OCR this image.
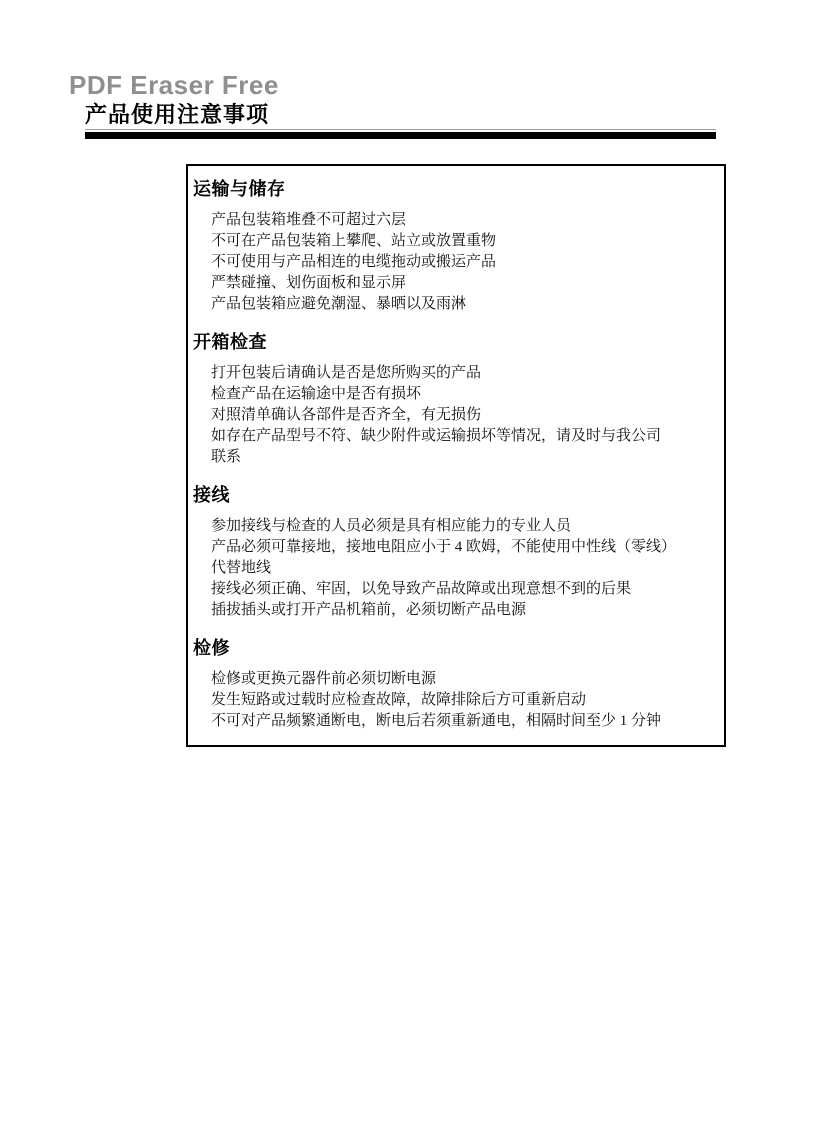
PDF Eraser Free
产品使用注意事项
运输与储存
产品包装箱堆叠不可超过六层
不可在产品包装箱上攀爬、站立或放置重物
不可使用与产品相连的电缆拖动或搬运产品
严禁碰撞、划伤面板和显示屏
产品包装箱应避免潮湿、暴晒以及雨淋
开箱检查
打开包装后请确认是否是您所购买的产品
检查产品在运输途中是否有损坏
对照清单确认各部件是否齐全，有无损伤
如存在产品型号不符、缺少附件或运输损坏等情况，请及时与我公司
联系
接线
参加接线与检查的人员必须是具有相应能力的专业人员
产品必须可靠接地，接地电阻应小于 4 欧姆，不能使用中性线（零线）
代替地线
接线必须正确、牢固，以免导致产品故障或出现意想不到的后果
插拔插头或打开产品机箱前，必须切断产品电源
检修
检修或更换元器件前必须切断电源
发生短路或过载时应检查故障，故障排除后方可重新启动
不可对产品频繁通断电，断电后若须重新通电，相隔时间至少 1 分钟
